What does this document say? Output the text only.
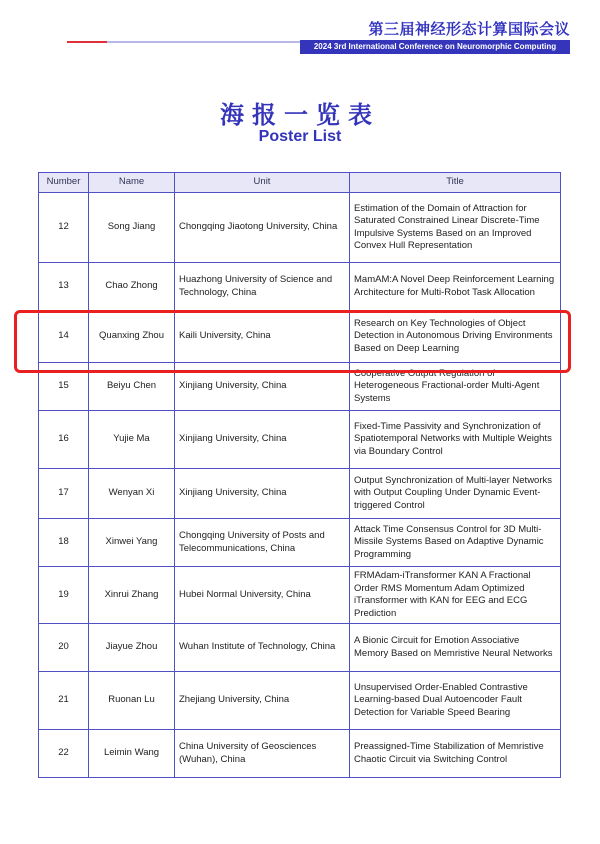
第三届神经形态计算国际会议
2024 3rd International Conference on Neuromorphic Computing
海报一览表
Poster List
Number	Name	Unit	Title
12	Song Jiang	Chongqing Jiaotong University, China	Estimation of the Domain of Attraction for Saturated Constrained Linear Discrete-Time Impulsive Systems Based on an Improved Convex Hull Representation
13	Chao Zhong	Huazhong University of Science and Technology, China	MamAM:A Novel Deep Reinforcement Learning Architecture for Multi-Robot Task Allocation
14	Quanxing Zhou	Kaili University, China	Research on Key Technologies of Object Detection in Autonomous Driving Environments Based on Deep Learning
15	Beiyu Chen	Xinjiang University, China	Cooperative Output Regulation of Heterogeneous Fractional-order Multi-Agent Systems
16	Yujie Ma	Xinjiang University, China	Fixed-Time Passivity and Synchronization of Spatiotemporal Networks with Multiple Weights via Boundary Control
17	Wenyan Xi	Xinjiang University, China	Output Synchronization of Multi-layer Networks with Output Coupling Under Dynamic Event-triggered Control
18	Xinwei Yang	Chongqing University of Posts and Telecommunications, China	Attack Time Consensus Control for 3D Multi-Missile Systems Based on Adaptive Dynamic Programming
19	Xinrui Zhang	Hubei Normal University, China	FRMAdam-iTransformer KAN A Fractional Order RMS Momentum Adam Optimized iTransformer with KAN for EEG and ECG Prediction
20	Jiayue Zhou	Wuhan Institute of Technology, China	A Bionic Circuit for Emotion Associative Memory Based on Memristive Neural Networks
21	Ruonan Lu	Zhejiang University, China	Unsupervised Order-Enabled Contrastive Learning-based Dual Autoencoder Fault Detection for Variable Speed Bearing
22	Leimin Wang	China University of Geosciences (Wuhan), China	Preassigned-Time Stabilization of Memristive Chaotic Circuit via Switching Control
